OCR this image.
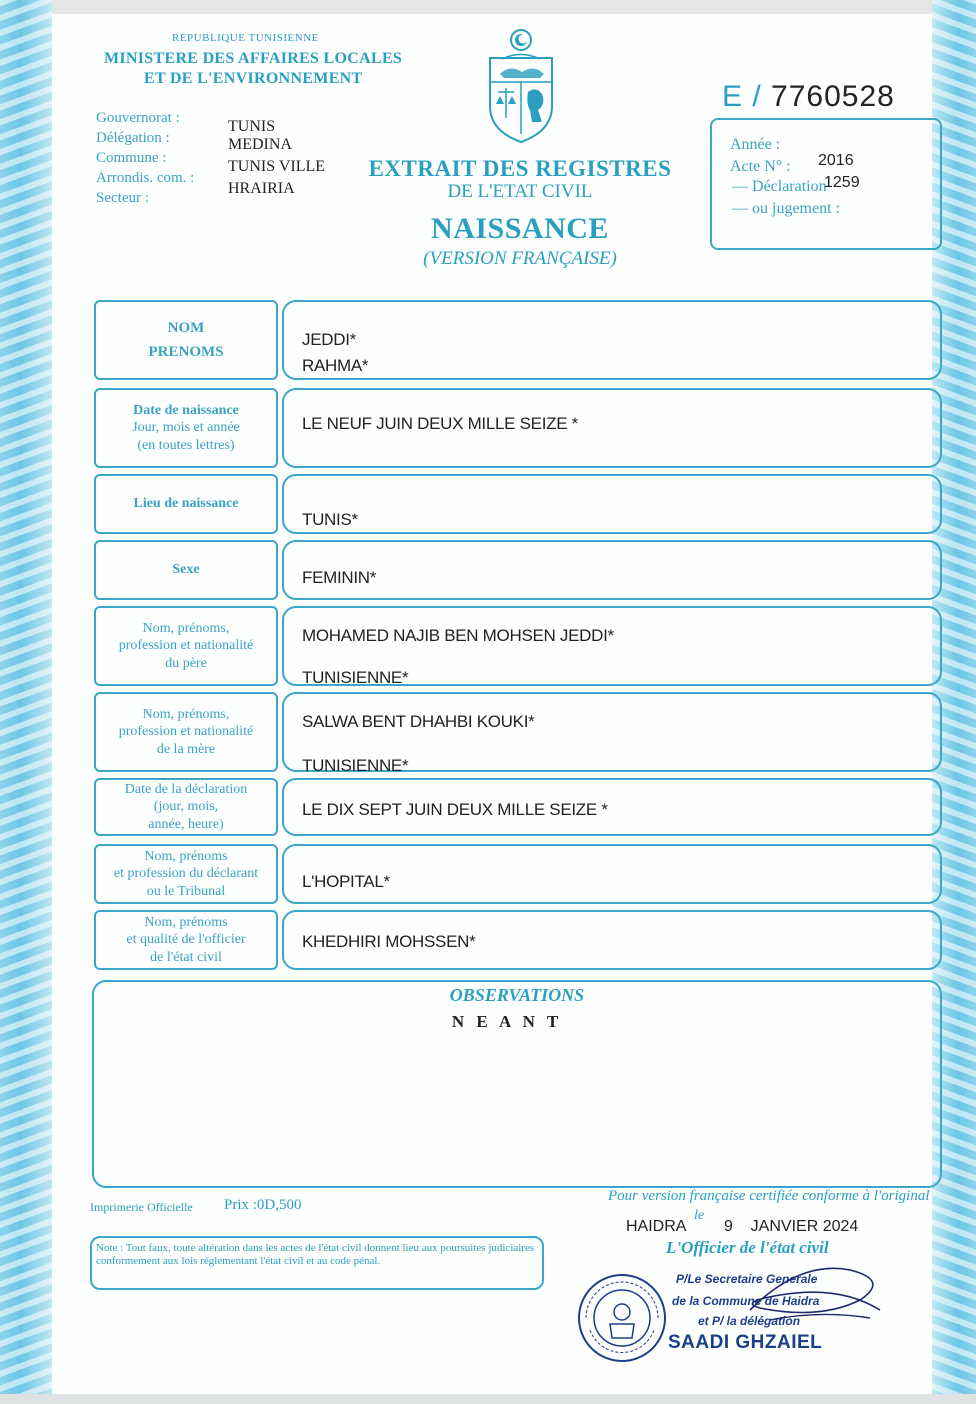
REPUBLIQUE TUNISIENNE
MINISTERE DES AFFAIRES LOCALES
ET DE L'ENVIRONNEMENT
Gouvernorat :
Délégation :
Commune :
Arrondis. com. :
Secteur :
TUNIS
MEDINA
TUNIS VILLE
HRAIRIA
EXTRAIT DES REGISTRES
DE L'ETAT CIVIL
NAISSANCE
(VERSION FRANÇAISE)
E / 7760528
Année :
Acte N° : 2016
— Déclaration
1259
— ou jugement :
NOM
PRENOMS
JEDDI*
RAHMA*
Date de naissance
Jour, mois et année
(en toutes lettres)
LE NEUF JUIN DEUX MILLE SEIZE *
Lieu de naissance
TUNIS*
Sexe	FEMININ*
Nom, prénoms,
profession et nationalité
du père
MOHAMED NAJIB BEN MOHSEN JEDDI*
TUNISIENNE*
Nom, prénoms,
profession et nationalité
de la mère
SALWA BENT DHAHBI KOUKI*
TUNISIENNE*
Date de la déclaration
(jour, mois,
année, heure)
LE DIX SEPT JUIN DEUX MILLE SEIZE *
Nom, prénoms
et profession du déclarant
ou le Tribunal
L'HOPITAL*
Nom, prénoms
et qualité de l'officier
de l'état civil
KHEDHIRI MOHSSEN*
OBSERVATIONS
N E A N T
Imprimerie Officielle Prix :0D,500
Note : Tout faux, toute altération dans les actes de l'état civil donnent lieu aux poursuites judiciaires conformement aux lois réglementant l'état civil et au code pénal.
Pour version française certifiée conforme à l'original
HAIDRA
le
9    JANVIER 2024
L'Officier de l'état civil
P/Le Secretaire Generale
de la Commune de Haidra
et P/ la délégation
SAADI GHZAIEL
